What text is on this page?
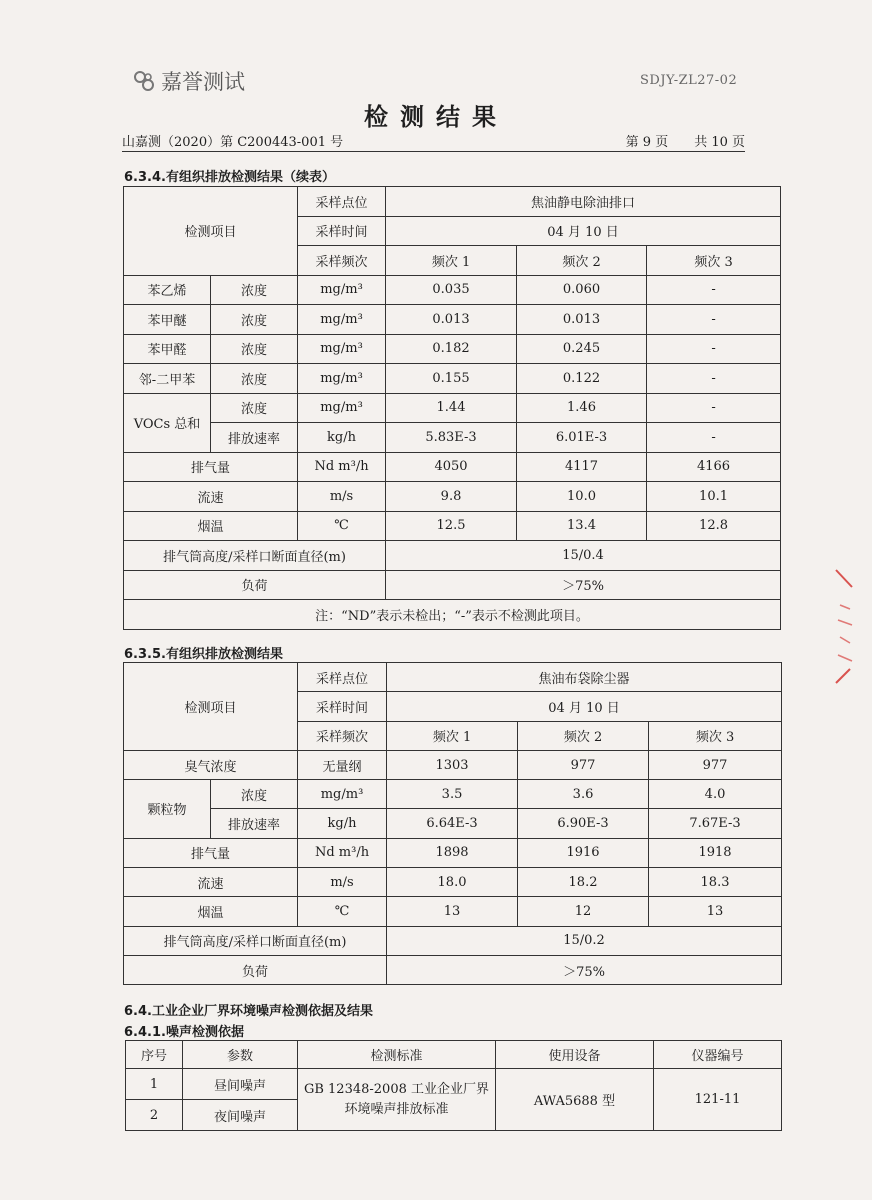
嘉誉测试	SDJY-ZL27-02
检测结果
山嘉测（2020）第 C200443-001 号	第 9 页　　共 10 页
6.3.4.有组织排放检测结果（续表）
检测项目		采样点位	焦油静电除油排口		
		采样时间	04 月 10 日		
		采样频次	频次 1	频次 2	频次 3
苯乙烯	浓度	mg/m³	0.035	0.060	-
苯甲醚	浓度	mg/m³	0.013	0.013	-
苯甲醛	浓度	mg/m³	0.182	0.245	-
邻-二甲苯	浓度	mg/m³	0.155	0.122	-
VOCs 总和	浓度	mg/m³	1.44	1.46	-
	排放速率	kg/h	5.83E-3	6.01E-3	-
排气量		Nd m³/h	4050	4117	4166
流速		m/s	9.8	10.0	10.1
烟温		℃	12.5	13.4	12.8
排气筒高度/采样口断面直径(m)			15/0.4		
负荷			＞75%		
注：“ND”表示未检出；“-”表示不检测此项目。					
6.3.5.有组织排放检测结果
检测项目		采样点位	焦油布袋除尘器		
		采样时间	04 月 10 日		
		采样频次	频次 1	频次 2	频次 3
臭气浓度		无量纲	1303	977	977
颗粒物	浓度	mg/m³	3.5	3.6	4.0
	排放速率	kg/h	6.64E-3	6.90E-3	7.67E-3
排气量		Nd m³/h	1898	1916	1918
流速		m/s	18.0	18.2	18.3
烟温		℃	13	12	13
排气筒高度/采样口断面直径(m)			15/0.2		
负荷			＞75%		
6.4.工业企业厂界环境噪声检测依据及结果
6.4.1.噪声检测依据
序号	参数	检测标准	使用设备	仪器编号
1	昼间噪声	GB 12348-2008 工业企业厂界环境噪声排放标准	AWA5688 型	121-11
2	夜间噪声			
